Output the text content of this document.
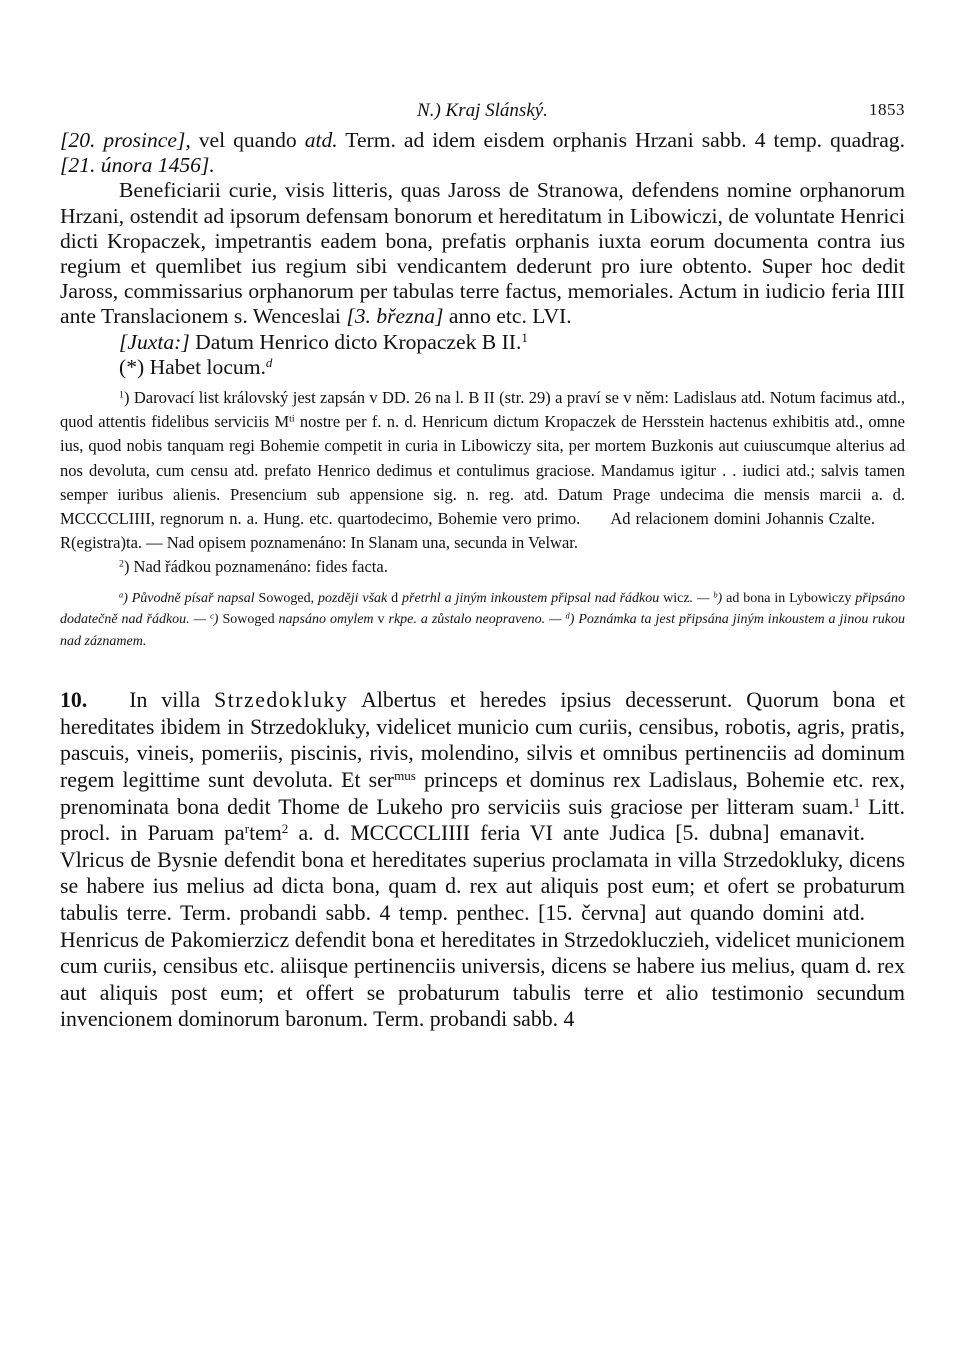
N.) Kraj Slánský.	1853

[20. prosince], vel quando atd. Term. ad idem eisdem orphanis Hrzani sabb. 4 temp. quadrag. [21. února 1456].

Beneficiarii curie, visis litteris, quas Jaross de Stranowa, defendens nomine orphanorum Hrzani, ostendit ad ipsorum defensam bonorum et hereditatum in Libowiczi, de voluntate Henrici dicti Kropaczek, impetrantis eadem bona, prefatis orphanis iuxta eorum documenta contra ius regium et quemlibet ius regium sibi vendicantem dederunt pro iure obtento. Super hoc dedit Jaross, commissarius orphanorum per tabulas terre factus, memoriales. Actum in iudicio feria IIII ante Translacionem s. Wenceslai [3. března] anno etc. LVI.

[Juxta:] Datum Henrico dicto Kropaczek B II.$^1$

(*) Habet locum.$^d$

$^1$) Darovací list královský jest zapsán v DD. 26 na l. B II (str. 29) a praví se v něm: Ladislaus atd. Notum facimus atd., quod attentis fidelibus serviciis $M^{ti}$ nostre per f. n. d. Henricum dictum Kropaczek de Hersstein hactenus exhibitis atd., omne ius, quod nobis tanquam regi Bohemie competit in curia in Libowiczy sita, per mortem Buzkonis aut cuiuscumque alterius ad nos devoluta, cum censu atd. prefato Henrico dedimus et contulimus graciose. Mandamus igitur . . iudici atd.; salvis tamen semper iuribus alienis. Presencium sub appensione sig. n. reg. atd. Datum Prage undecima die mensis marcii a. d. MCCCCLIIII, regnorum n. a. Hung. etc. quartodecimo, Bohemie vero primo. Ad relacionem domini Johannis Czalte.R(egistra)ta. — Nad opisem poznamenáno: In Slanam una, secunda in Velwar.

$^2$) Nad řádkou poznamenáno: fides facta.

$^a$) Původně písař napsal Sowoged, později však d přetrhl a jiným inkoustem připsal nad řádkou wicz. — $^b$) ad bona in Lybowiczy připsáno dodatečně nad řádkou. — $^c$) Sowoged napsáno omylem v rkpe. a zůstalo neopraveno. — $^d$) Poznámka ta jest připsána jiným inkoustem a jinou rukou nad záznamem.

10. In villa Strzedokluky Albertus et heredes ipsius decesserunt. Quorum bona et hereditates ibidem in Strzedokluky, videlicet municio cum curiis, censibus, robotis, agris, pratis, pascuis, vineis, pomeriis, piscinis, rivis, molendino, silvis et omnibus pertinenciis ad dominum regem legittime sunt devoluta. Et ser$^{mus}$ princeps et dominus rex Ladislaus, Bohemie etc. rex, prenominata bona dedit Thome de Lukeho pro serviciis suis graciose per litteram suam.$^1$ Litt. procl. in Paruam $pa^rtem^2$ a. d. MCCCCLIIII feria VI ante Judica [5. dubna] emanavit.Vlricus de Bysnie defendit bona et hereditates superius proclamata in villa Strzedokluky, dicens se habere ius melius ad dicta bona, quam d. rex aut aliquis post eum; et ofert se probaturum tabulis terre. Term. probandi sabb. 4 temp. penthec. [15. června] aut quando domini atd.Henricus de Pakomierzicz defendit bona et hereditates in Strzedokluczieh, videlicet municionem cum curiis, censibus etc. aliisque pertinenciis universis, dicens se habere ius melius, quam d. rex aut aliquis post eum; et offert se probaturum tabulis terre et alio testimonio secundum invencionem dominorum baronum. Term. probandi sabb. 4
